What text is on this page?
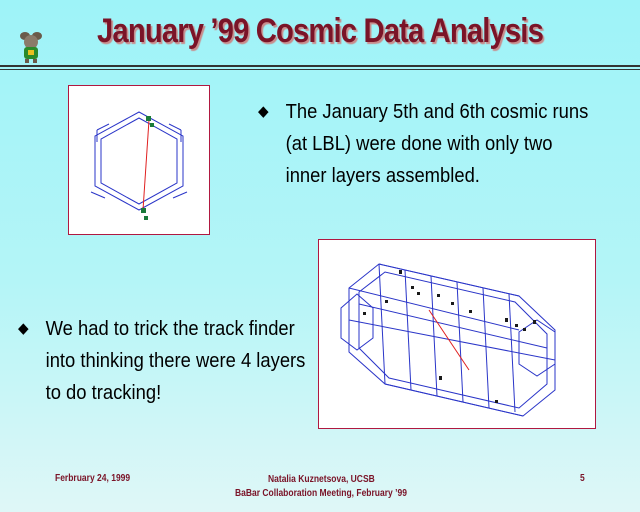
January ’99 Cosmic Data Analysis
◆ The January 5th and 6th cosmic runs (at LBL) were done with only two inner layers assembled.
◆ We had to trick the track finder into thinking there were 4 layers to do tracking!
Ferbruary 24, 1999	Natalia Kuznetsova, UCSB
BaBar Collaboration Meeting, February ’99
5
